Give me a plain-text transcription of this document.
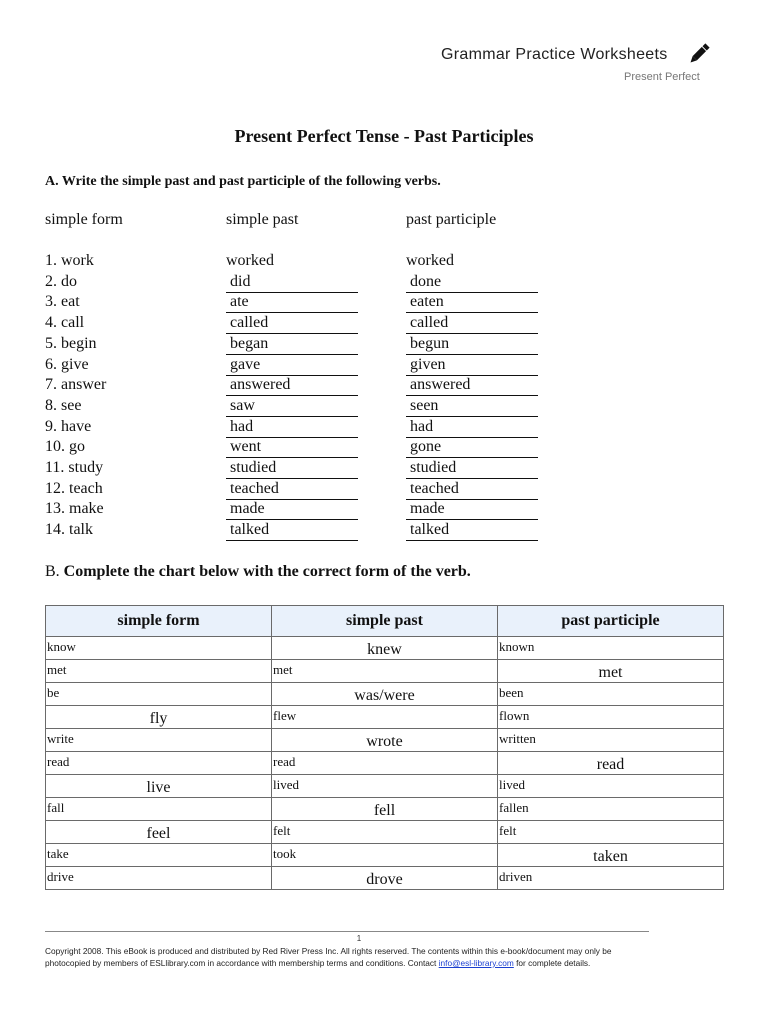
Grammar Practice Worksheets
Present Perfect
Present Perfect Tense - Past Participles
A. Write the simple past and past participle of the following verbs.
simple form	simple past	past participle
1. work	worked	worked
2. do	did	done
3. eat	ate	eaten
4. call	called	called
5. begin	began	begun
6. give	gave	given
7. answer	answered	answered
8. see	saw	seen
9. have	had	had
10. go	went	gone
11. study	studied	studied
12. teach	teached	teached
13. make	made	made
14. talk	talked	talked
B. Complete the chart below with the correct form of the verb.
simple form	simple past	past participle

know	knew	known

met	met	met

be	was/were	been

fly	flew	flown

write	wrote	written

read	read	read

live	lived	lived

fall	fell	fallen

feel	felt	felt

take	took	taken

drive	drove	driven
1
Copyright 2008. This eBook is produced and distributed by Red River Press Inc. All rights reserved. The contents within this e-book/document may only be
photocopied by members of ESLlibrary.com in accordance with membership terms and conditions. Contact info@esl-library.com for complete details.
